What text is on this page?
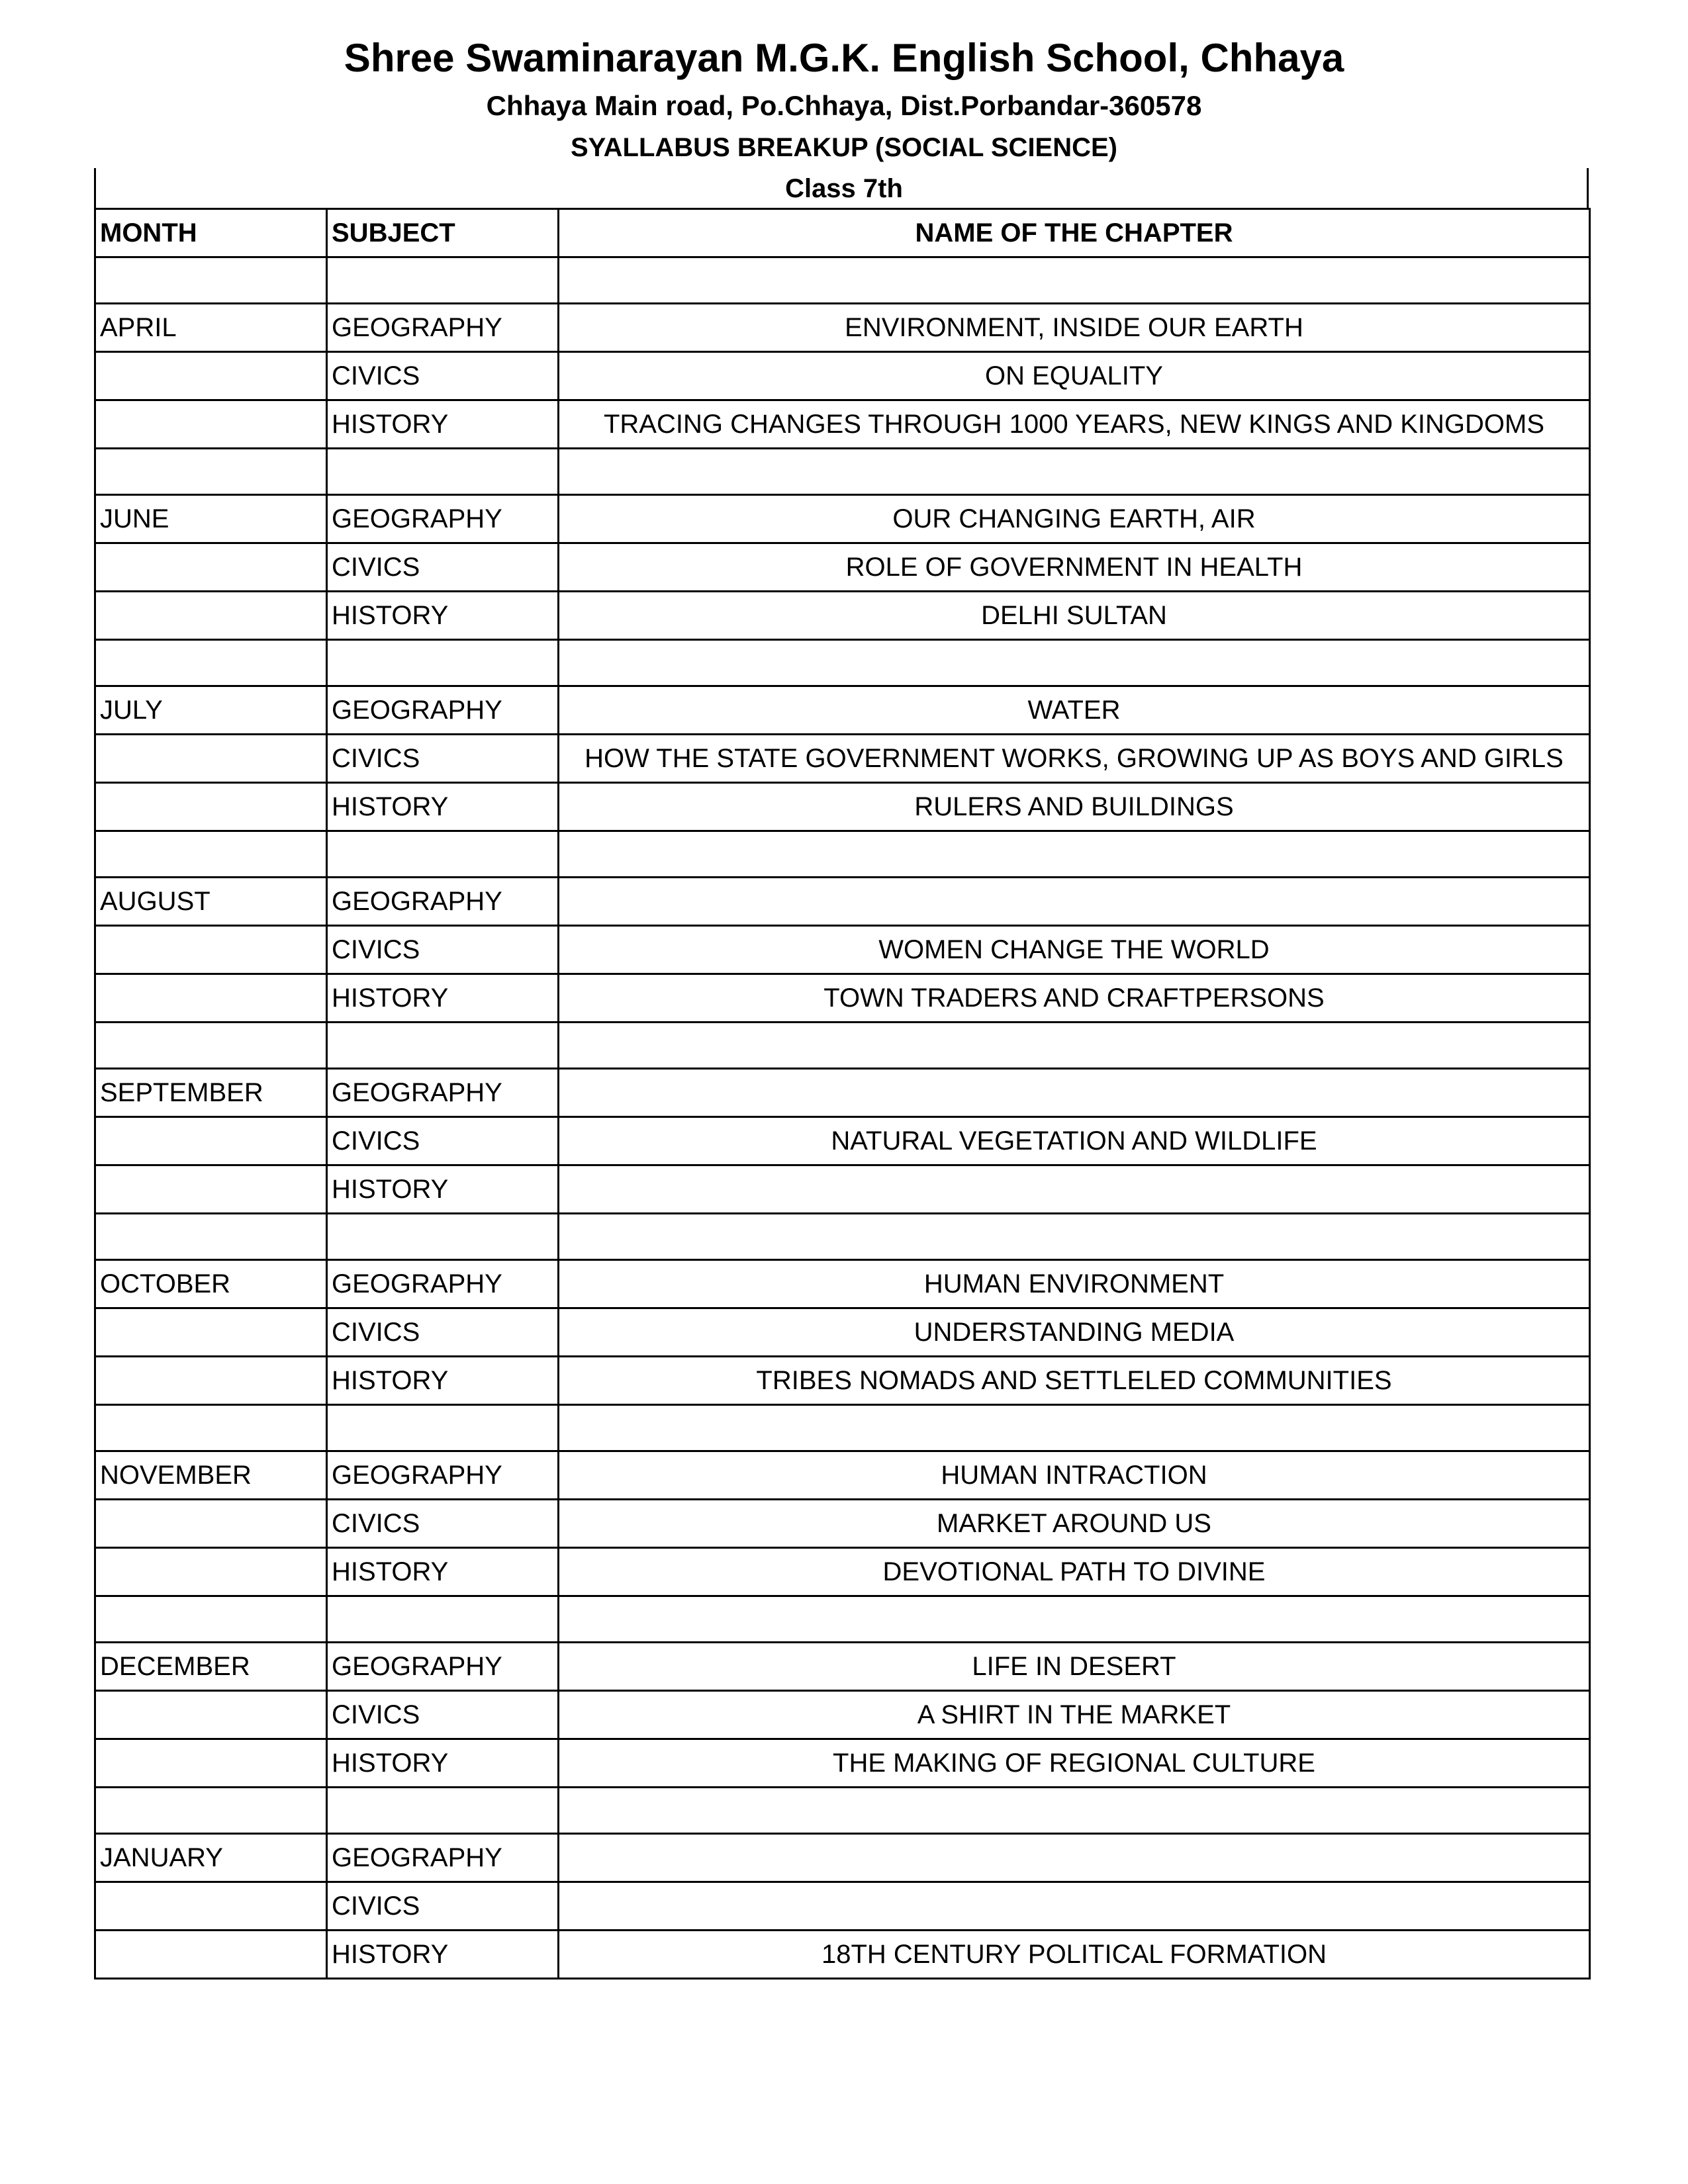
Shree Swaminarayan M.G.K. English School, Chhaya
Chhaya Main road, Po.Chhaya, Dist.Porbandar-360578
SYALLABUS BREAKUP (SOCIAL SCIENCE)
Class 7th
MONTH	SUBJECT	NAME OF THE CHAPTER

APRIL	GEOGRAPHY	ENVIRONMENT, INSIDE OUR EARTH
	CIVICS	ON EQUALITY
	HISTORY	TRACING CHANGES THROUGH 1000 YEARS, NEW KINGS AND KINGDOMS

JUNE	GEOGRAPHY	OUR CHANGING EARTH, AIR
	CIVICS	ROLE OF GOVERNMENT IN HEALTH
	HISTORY	DELHI SULTAN

JULY	GEOGRAPHY	WATER
	CIVICS	HOW THE STATE GOVERNMENT WORKS, GROWING UP AS BOYS AND GIRLS
	HISTORY	RULERS AND BUILDINGS

AUGUST	GEOGRAPHY	
	CIVICS	WOMEN CHANGE THE WORLD
	HISTORY	TOWN TRADERS AND CRAFTPERSONS

SEPTEMBER	GEOGRAPHY	
	CIVICS	NATURAL VEGETATION AND WILDLIFE
	HISTORY	

OCTOBER	GEOGRAPHY	HUMAN ENVIRONMENT
	CIVICS	UNDERSTANDING MEDIA
	HISTORY	TRIBES NOMADS AND SETTLELED COMMUNITIES

NOVEMBER	GEOGRAPHY	HUMAN INTRACTION
	CIVICS	MARKET AROUND US
	HISTORY	DEVOTIONAL PATH TO DIVINE

DECEMBER	GEOGRAPHY	LIFE IN DESERT
	CIVICS	A SHIRT IN THE MARKET
	HISTORY	THE MAKING OF REGIONAL CULTURE

JANUARY	GEOGRAPHY	
	CIVICS	
	HISTORY	18TH CENTURY POLITICAL FORMATION
